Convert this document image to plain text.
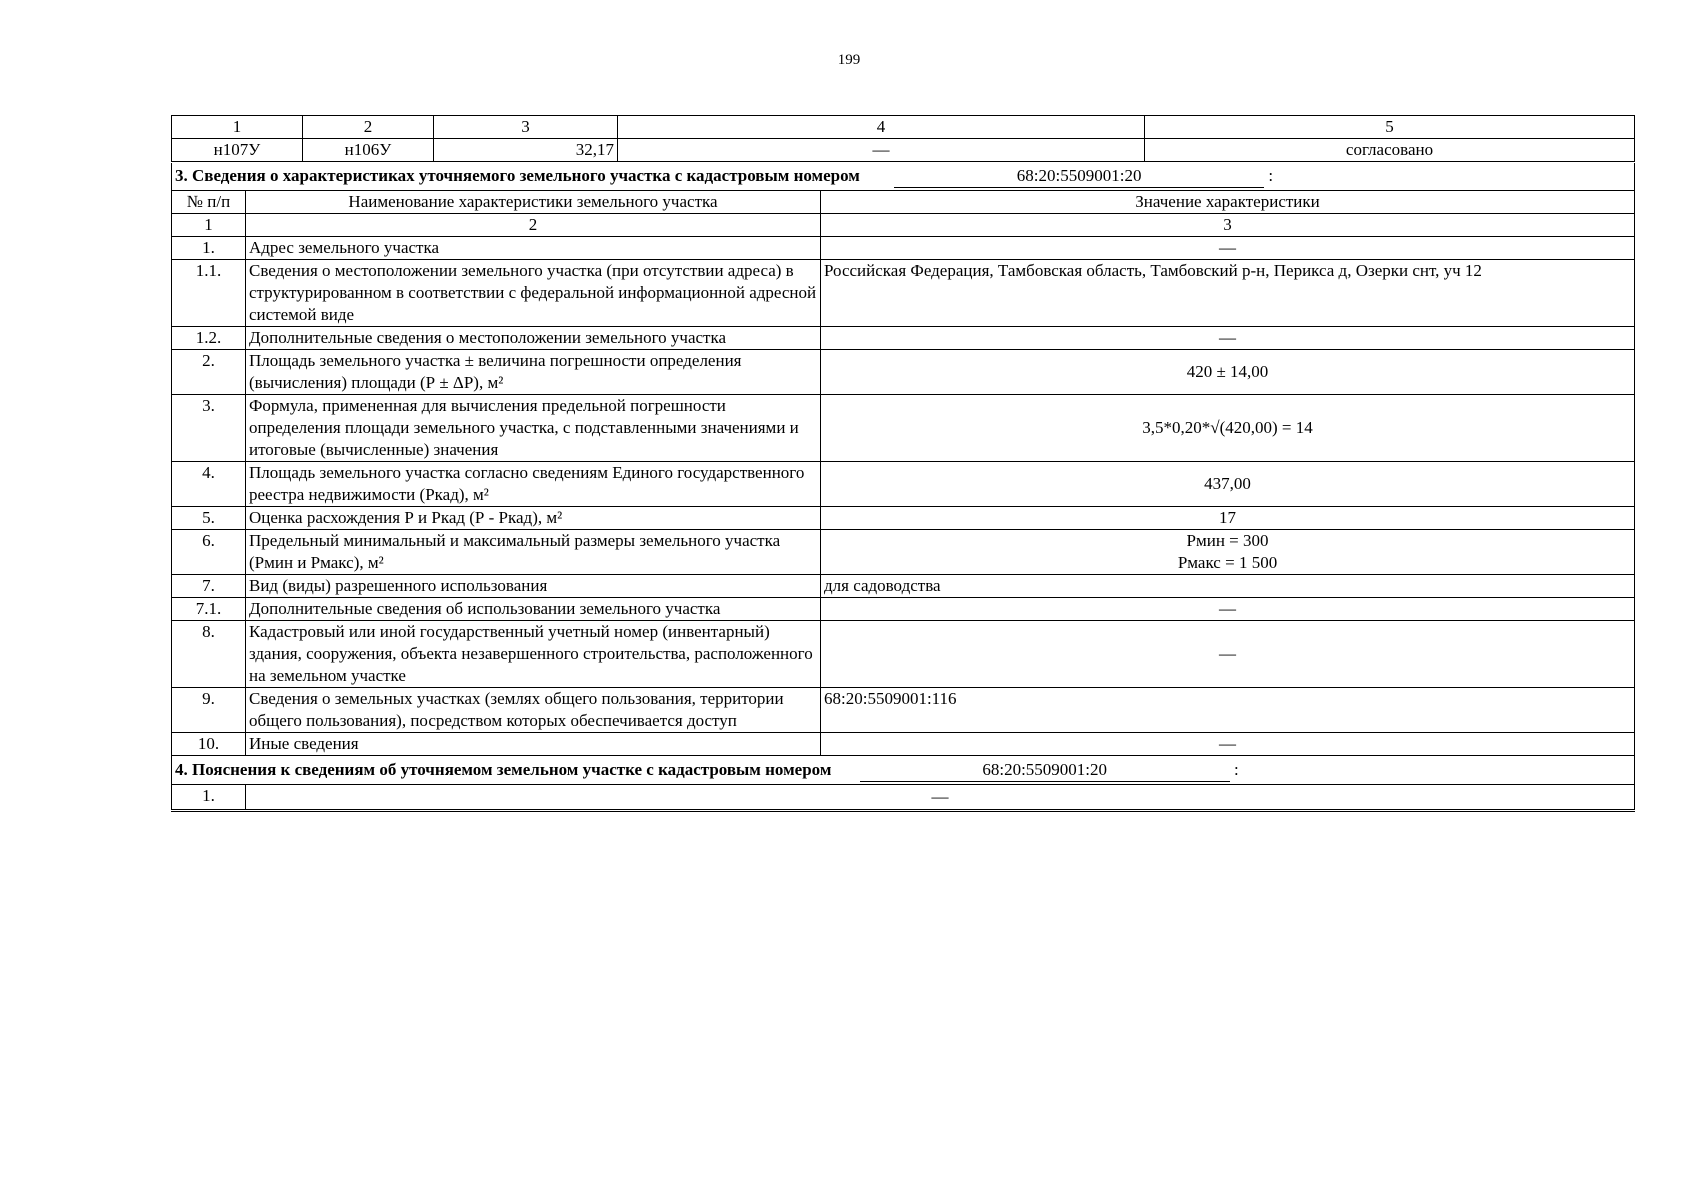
199
1	2	3	4	5
н107У	н106У	32,17	—	согласовано
3. Сведения о характеристиках уточняемого земельного участка с кадастровым номером 68:20:5509001:20 :		
№ п/п	Наименование характеристики земельного участка	Значение характеристики
1	2	3
1.	Адрес земельного участка	—
1.1.	Сведения о местоположении земельного участка (при отсутствии адреса) в структурированном в соответствии с федеральной информационной адресной системой виде	Российская Федерация, Тамбовская область, Тамбовский р-н, Перикса д, Озерки снт, уч 12
1.2.	Дополнительные сведения о местоположении земельного участка	—
2.	Площадь земельного участка ± величина погрешности определения (вычисления) площади (Р ± ΔР), м²	420 ± 14,00
3.	Формула, примененная для вычисления предельной погрешности определения площади земельного участка, с подставленными значениями и итоговые (вычисленные) значения	3,5*0,20*√(420,00) = 14
4.	Площадь земельного участка согласно сведениям Единого государственного реестра недвижимости (Ркад), м²	437,00
5.	Оценка расхождения Р и Ркад (Р - Ркад), м²	17
6.	Предельный минимальный и максимальный размеры земельного участка (Рмин и Рмакс), м²	Рмин = 300
Рмакс = 1 500

7.	Вид (виды) разрешенного использования	для садоводства
7.1.	Дополнительные сведения об использовании земельного участка	—
8.	Кадастровый или иной государственный учетный номер (инвентарный) здания, сооружения, объекта незавершенного строительства, расположенного на земельном участке	—
9.	Сведения о земельных участках (землях общего пользования, территории общего пользования), посредством которых обеспечивается доступ	68:20:5509001:116
10.	Иные сведения	—
4. Пояснения к сведениям об уточняемом земельном участке с кадастровым номером 68:20:5509001:20 :		
1.	—	
